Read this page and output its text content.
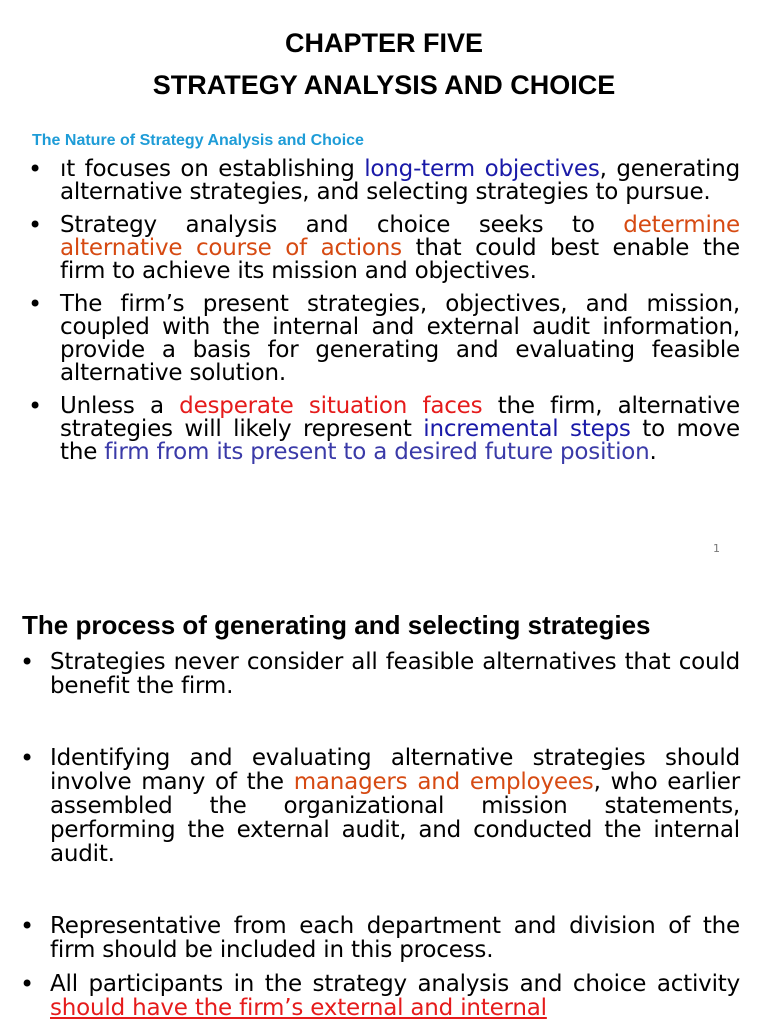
CHAPTER FIVE
STRATEGY ANALYSIS AND CHOICE
The Nature of Strategy Analysis and Choice
• ıt focuses on establishing long-term objectives, generating alternative strategies, and selecting strategies to pursue.
• Strategy analysis and choice seeks to determine alternative course of actions that could best enable the firm to achieve its mission and objectives.
• The firm’s present strategies, objectives, and mission, coupled with the internal and external audit information, provide a basis for generating and evaluating feasible alternative solution.
• Unless a desperate situation faces the firm, alternative strategies will likely represent incremental steps to move the firm from its present to a desired future position.
1
The process of generating and selecting strategies
• Strategies never consider all feasible alternatives that could benefit the firm.
• Identifying and evaluating alternative strategies should involve many of the managers and employees, who earlier assembled the organizational mission statements, performing the external audit, and conducted the internal audit.
• Representative from each department and division of the firm should be included in this process.
• All participants in the strategy analysis and choice activity should have the firm’s external and internal
